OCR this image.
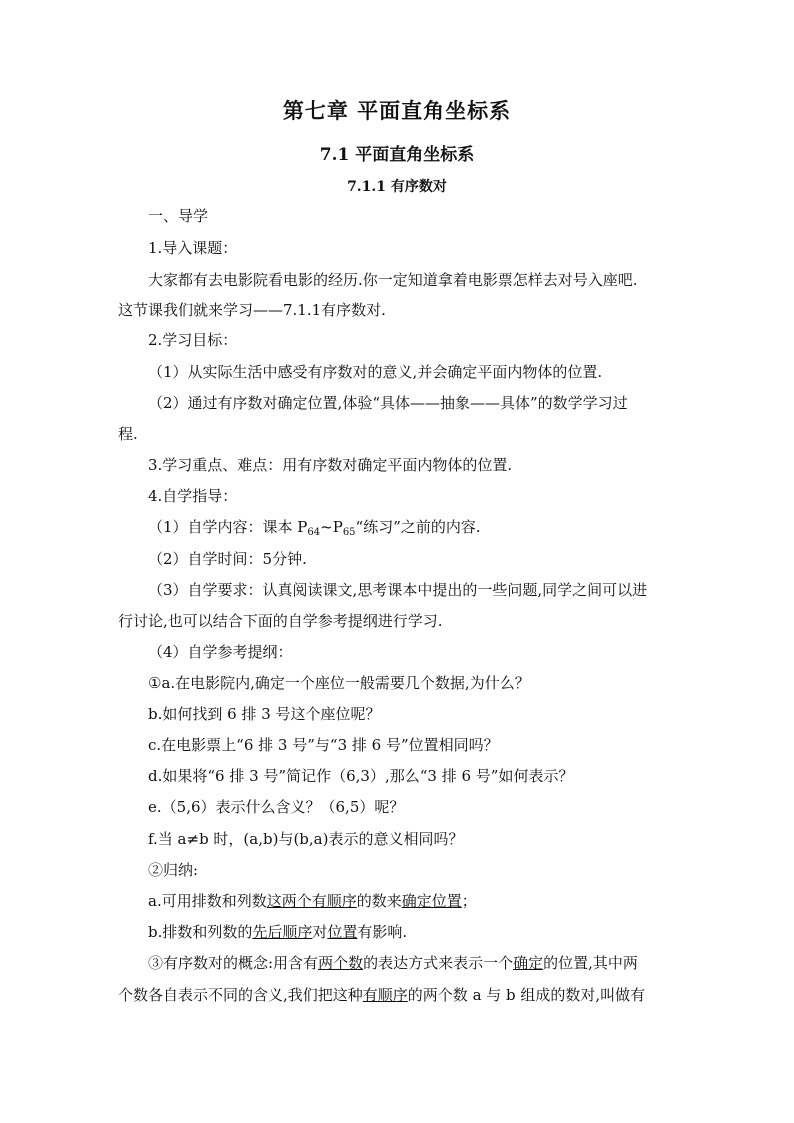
第七章 平面直角坐标系
7.1 平面直角坐标系
7.1.1 有序数对
一、导学
1.导入课题：
大家都有去电影院看电影的经历.你一定知道拿着电影票怎样去对号入座吧.
这节课我们就来学习——7.1.1有序数对.
2.学习目标：
（1）从实际生活中感受有序数对的意义,并会确定平面内物体的位置.
（2）通过有序数对确定位置,体验“具体——抽象——具体”的数学学习过
程.
3.学习重点、难点：用有序数对确定平面内物体的位置.
4.自学指导：
（1）自学内容：课本 $P_{64}\sim P_{65}“$练习”之前的内容.
（2）自学时间：5分钟.
（3）自学要求：认真阅读课文,思考课本中提出的一些问题,同学之间可以进
行讨论,也可以结合下面的自学参考提纲进行学习.
（4）自学参考提纲：
①a.在电影院内,确定一个座位一般需要几个数据,为什么？
b.如何找到 6 排 3 号这个座位呢？
c.在电影票上“6 排 3 号”与“3 排 6 号”位置相同吗？
d.如果将“6 排 3 号”简记作（6,3）,那么“3 排 6 号”如何表示？
e.（5,6）表示什么含义？（6,5）呢？
f.当 a≠b 时，(a,b)与(b,a)表示的意义相同吗？
②归纳:
a.可用排数和列数这两个有顺序的数来确定位置；
b.排数和列数的先后顺序对位置有影响.
③有序数对的概念:用含有两个数的表达方式来表示一个确定的位置,其中两
个数各自表示不同的含义,我们把这种有顺序的两个数 a 与 b 组成的数对,叫做有
